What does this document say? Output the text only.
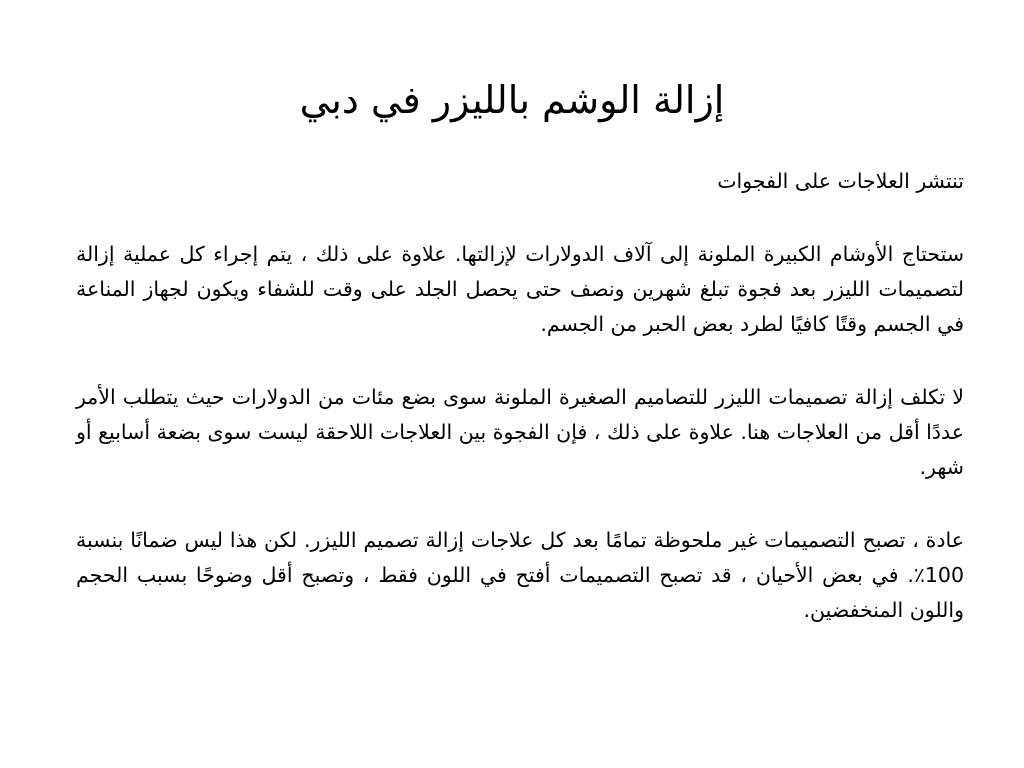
إزالة الوشم بالليزر في دبي

تنتشر العلاجات على الفجوات

ستحتاج الأوشام الكبيرة الملونة إلى آلاف الدولارات لإزالتها. علاوة على ذلك ، يتم إجراء كل عملية إزالة لتصميمات الليزر بعد فجوة تبلغ شهرين ونصف حتى يحصل الجلد على وقت للشفاء ويكون لجهاز المناعة في الجسم وقتًا كافيًا لطرد بعض الحبر من الجسم.

لا تكلف إزالة تصميمات الليزر للتصاميم الصغيرة الملونة سوى بضع مئات من الدولارات حيث يتطلب الأمر عددًا أقل من العلاجات هنا. علاوة على ذلك ، فإن الفجوة بين العلاجات اللاحقة ليست سوى بضعة أسابيع أو شهر.

عادة ، تصبح التصميمات غير ملحوظة تمامًا بعد كل علاجات إزالة تصميم الليزر. لكن هذا ليس ضمانًا بنسبة 100٪. في بعض الأحيان ، قد تصبح التصميمات أفتح في اللون فقط ، وتصبح أقل وضوحًا بسبب الحجم واللون المنخفضين.
